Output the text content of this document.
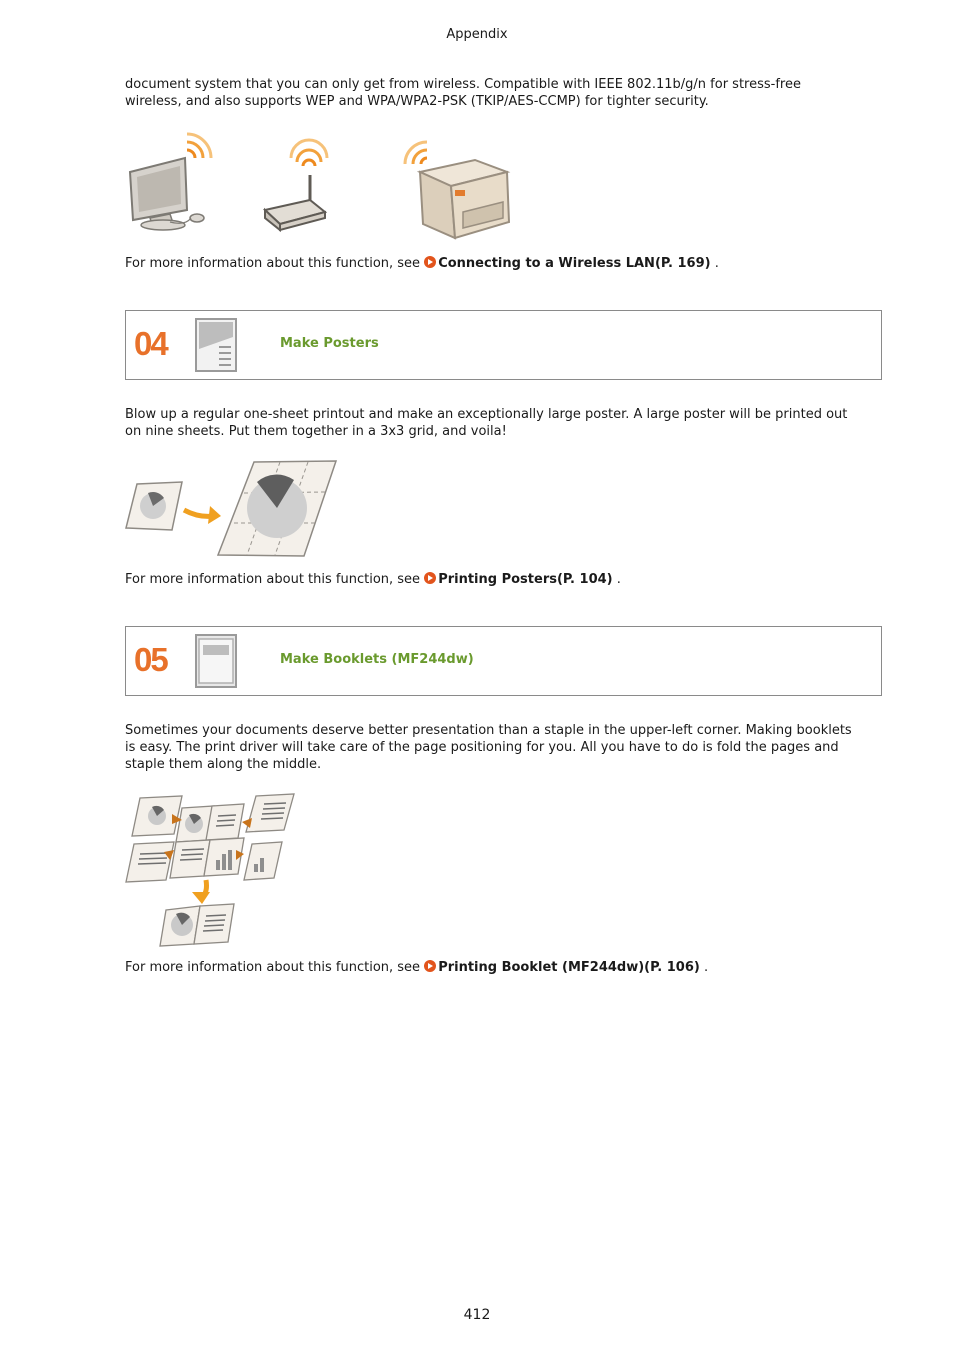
Appendix
document system that you can only get from wireless. Compatible with IEEE 802.11b/g/n for stress-free
wireless, and also supports WEP and WPA/WPA2-PSK (TKIP/AES-CCMP) for tighter security.
For more information about this function, see Connecting to a Wireless LAN(P. 169) .
04	Make Posters
Blow up a regular one-sheet printout and make an exceptionally large poster. A large poster will be printed out
on nine sheets. Put them together in a 3x3 grid, and voila!
For more information about this function, see Printing Posters(P. 104) .
05	Make Booklets (MF244dw)
Sometimes your documents deserve better presentation than a staple in the upper-left corner. Making booklets
is easy. The print driver will take care of the page positioning for you. All you have to do is fold the pages and
staple them along the middle.
For more information about this function, see Printing Booklet (MF244dw)(P. 106) .
412
